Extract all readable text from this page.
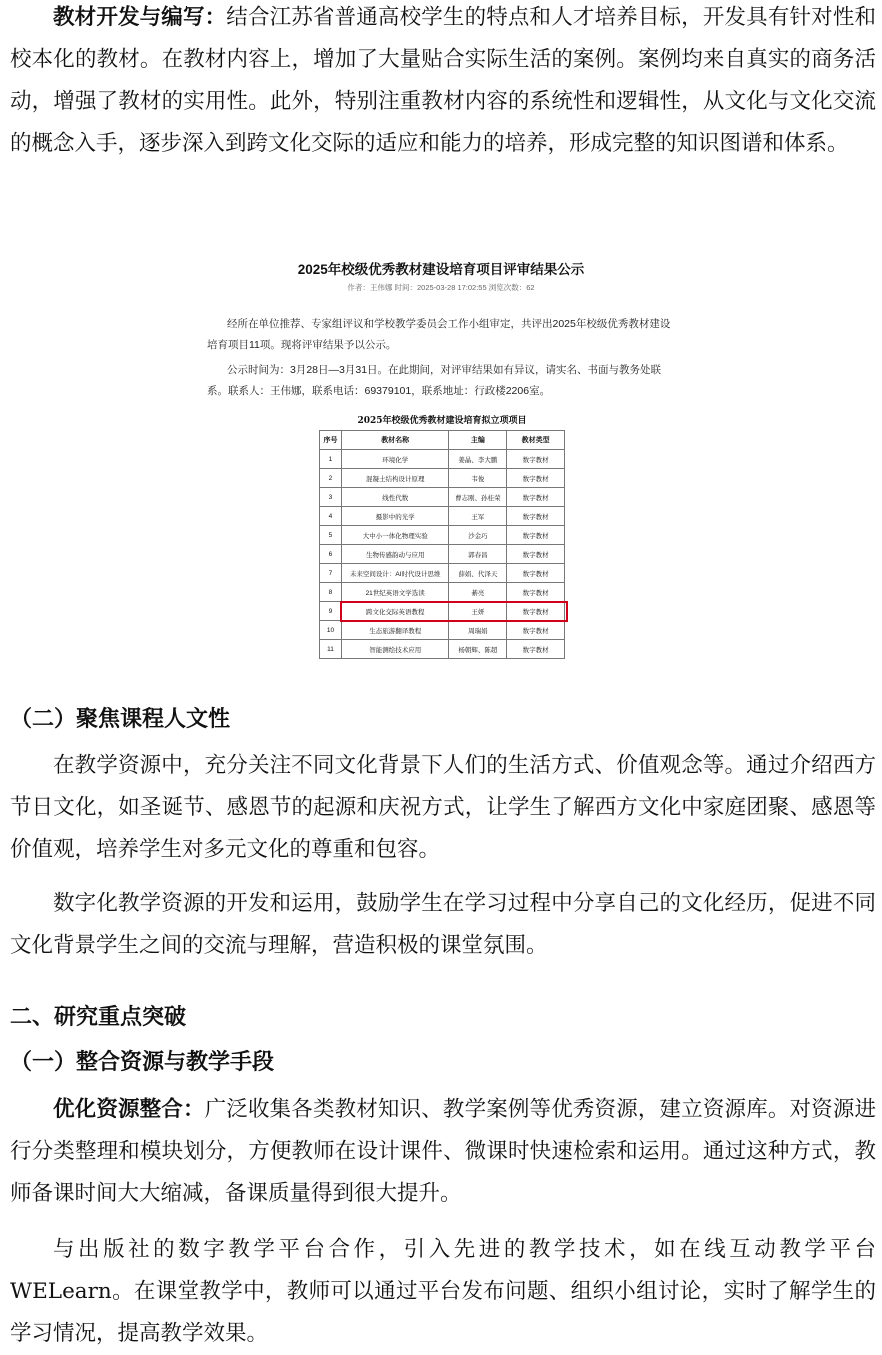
教材开发与编写：结合江苏省普通高校学生的特点和人才培养目标，开发具有针对性和校本化的教材。在教材内容上，增加了大量贴合实际生活的案例。案例均来自真实的商务活动，增强了教材的实用性。此外，特别注重教材内容的系统性和逻辑性，从文化与文化交流的概念入手，逐步深入到跨文化交际的适应和能力的培养，形成完整的知识图谱和体系。

2025年校级优秀教材建设培育项目评审结果公示
作者：王伟娜 时间：2025-03-28 17:02:55 浏览次数：62

经所在单位推荐、专家组评议和学校教学委员会工作小组审定，共评出2025年校级优秀教材建设培育项目11项。现将评审结果予以公示。

公示时间为：3月28日—3月31日。在此期间，对评审结果如有异议，请实名、书面与教务处联系。联系人：王伟娜，联系电话：69379101，联系地址：行政楼2206室。

2025年校级优秀教材建设培育拟立项项目
序号	教材名称	主编	教材类型
1	环境化学	姜晶、李大鹏	数字教材
2	混凝土结构设计原理	韦俊	数字教材
3	线性代数	曹志刚、孙桂荣	数字教材
4	摄影中的光学	王军	数字教材
5	大中小一体化物理实验	沙金巧	数字教材
6	生物传感韵动与应用	郭春昌	数字教材
7	未来空间设计：AI时代设计思维	薛娟、代泽天	数字教材
8	21世纪英语文学选读	綦亮	数字教材
9	跨文化交际英语教程	王妍	数字教材
10	生态旅游翻译教程	周瑞娟	数字教材
11	智能测绘技术应用	杨朝辉、陈超	数字教材

（二）聚焦课程人文性

在教学资源中，充分关注不同文化背景下人们的生活方式、价值观念等。通过介绍西方节日文化，如圣诞节、感恩节的起源和庆祝方式，让学生了解西方文化中家庭团聚、感恩等价值观，培养学生对多元文化的尊重和包容。

数字化教学资源的开发和运用，鼓励学生在学习过程中分享自己的文化经历，促进不同文化背景学生之间的交流与理解，营造积极的课堂氛围。

二、研究重点突破

（一）整合资源与教学手段

优化资源整合：广泛收集各类教材知识、教学案例等优秀资源，建立资源库。对资源进行分类整理和模块划分，方便教师在设计课件、微课时快速检索和运用。通过这种方式，教师备课时间大大缩减，备课质量得到很大提升。

与出版社的数字教学平台合作，引入先进的教学技术，如在线互动教学平台WELearn。在课堂教学中，教师可以通过平台发布问题、组织小组讨论，实时了解学生的学习情况，提高教学效果。
